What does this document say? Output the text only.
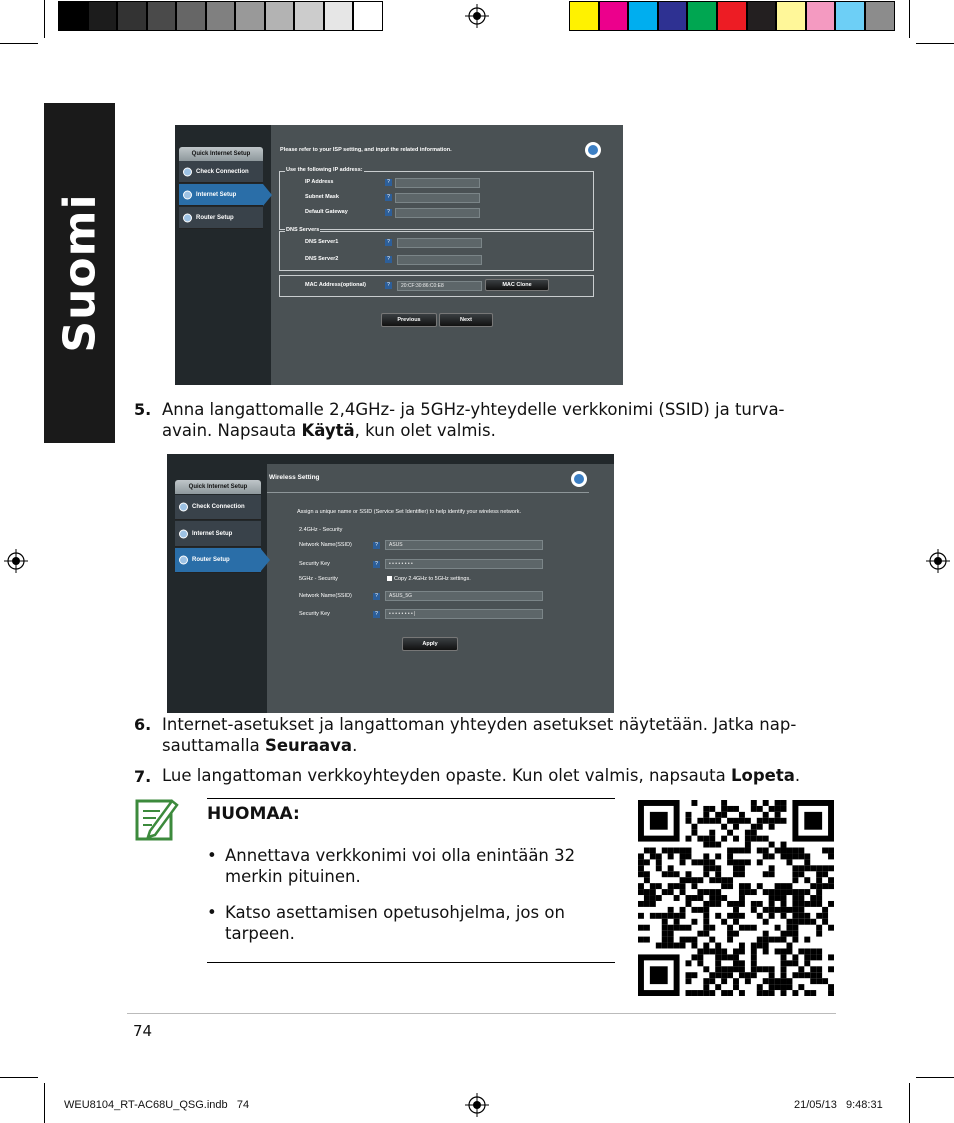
Suomi
Quick Internet Setup
Check Connection
Internet Setup
Router Setup
Please refer to your ISP setting, and input the related information.
Use the following IP address:
IP Address	?
Subnet Mask	?
Default Gateway	?
DNS Servers
DNS Server1	?
DNS Server2	?
MAC Address(optional)	?	20:CF:30:86:C0:E8	MAC Clone
Previous	Next
5. Anna langattomalle 2,4GHz- ja 5GHz-yhteydelle verkkonimi (SSID) ja turva-
avain. Napsauta Käytä, kun olet valmis.
Quick Internet Setup
Check Connection
Internet Setup
Router Setup
Wireless Setting
Assign a unique name or SSID (Service Set Identifier) to help identify your wireless network.
2.4GHz - Security
Network Name(SSID)	?	ASUS
Security Key	?	• • • • • • • •
5GHz - Security	Copy 2.4GHz to 5GHz settings.
Network Name(SSID)	?	ASUS_5G
Security Key	?	• • • • • • • • |
Apply
6. Internet-asetukset ja langattoman yhteyden asetukset näytetään. Jatka nap-
sauttamalla Seuraava.
7. Lue langattoman verkkoyhteyden opaste. Kun olet valmis, napsauta Lopeta.
HUOMAA:
• Annettava verkkonimi voi olla enintään 32
merkin pituinen.
• Katso asettamisen opetusohjelma, jos on
tarpeen.
74
WEU8104_RT-AC68U_QSG.indb   74	21/05/13   9:48:31
